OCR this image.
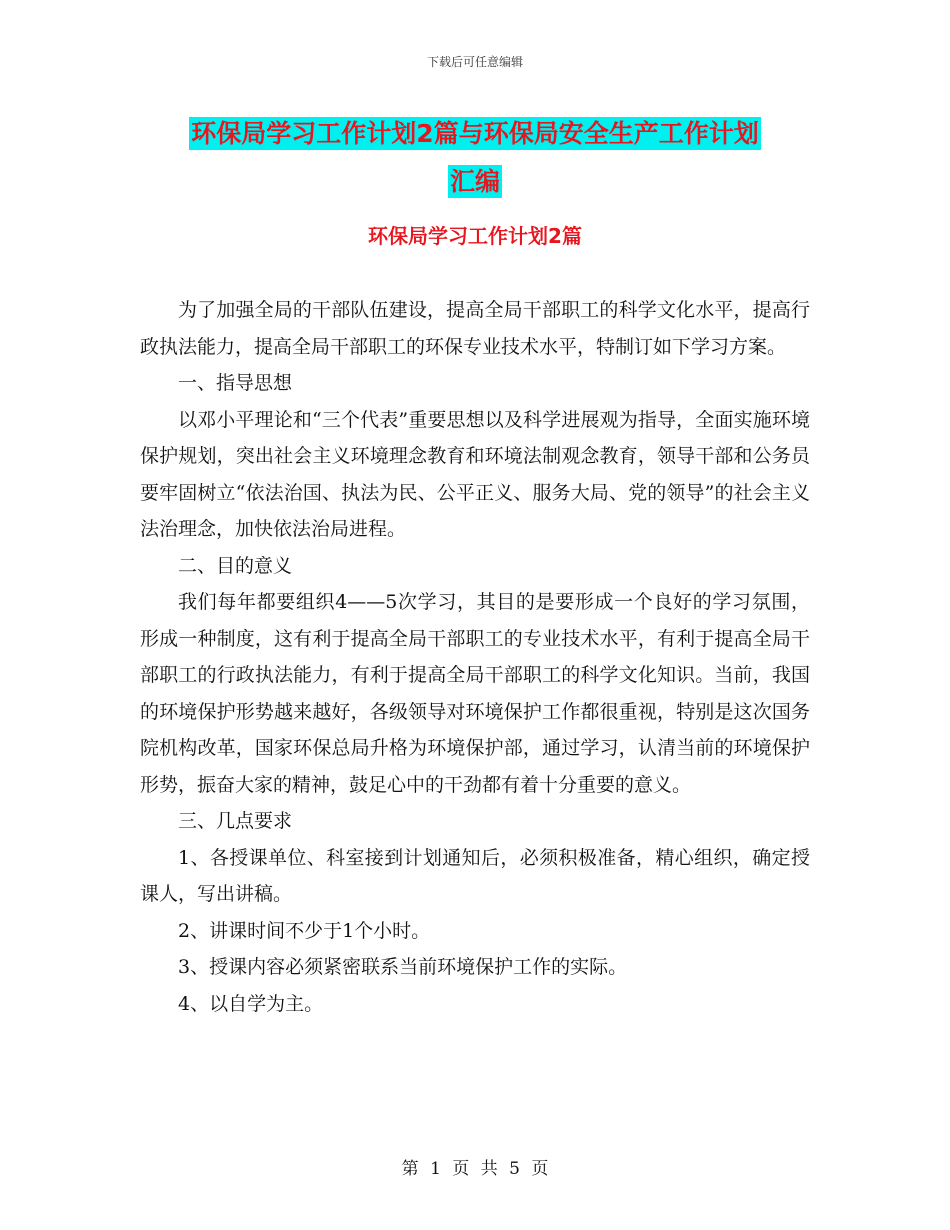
下载后可任意编辑
环保局学习工作计划2篇与环保局安全生产工作计划
汇编
环保局学习工作计划2篇

为了加强全局的干部队伍建设，提高全局干部职工的科学文化水平，提高行政执法能力，提高全局干部职工的环保专业技术水平，特制订如下学习方案。

一、指导思想

以邓小平理论和“三个代表”重要思想以及科学进展观为指导，全面实施环境保护规划，突出社会主义环境理念教育和环境法制观念教育，领导干部和公务员要牢固树立“依法治国、执法为民、公平正义、服务大局、党的领导”的社会主义法治理念，加快依法治局进程。

二、目的意义

我们每年都要组织4——5次学习，其目的是要形成一个良好的学习氛围，形成一种制度，这有利于提高全局干部职工的专业技术水平，有利于提高全局干部职工的行政执法能力，有利于提高全局干部职工的科学文化知识。当前，我国的环境保护形势越来越好，各级领导对环境保护工作都很重视，特别是这次国务院机构改革，国家环保总局升格为环境保护部，通过学习，认清当前的环境保护形势，振奋大家的精神，鼓足心中的干劲都有着十分重要的意义。

三、几点要求

1、各授课单位、科室接到计划通知后，必须积极准备，精心组织，确定授课人，写出讲稿。

2、讲课时间不少于1个小时。

3、授课内容必须紧密联系当前环境保护工作的实际。

4、以自学为主。

第 1 页 共 5 页
